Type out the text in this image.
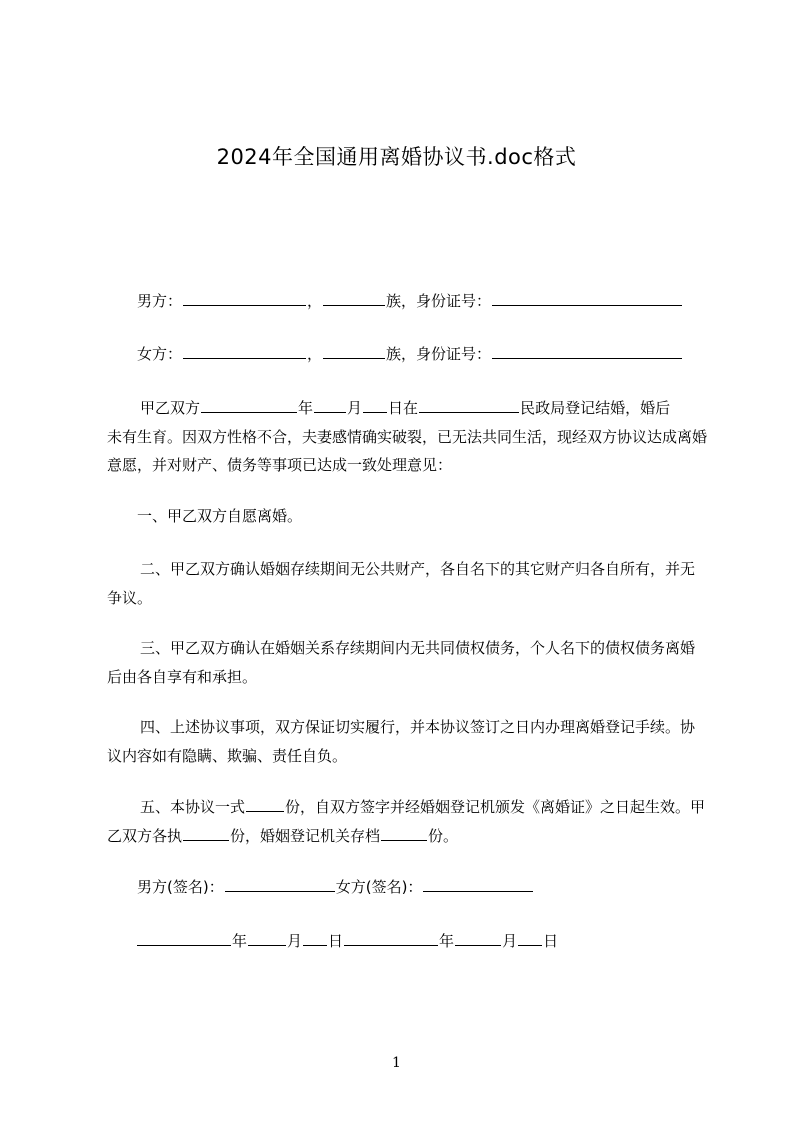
2024年全国通用离婚协议书.doc格式
男方：	，	族，身份证号：
女方：	，	族，身份证号：
甲乙双方	年 月 日在	民政局登记结婚，婚后
未有生育。因双方性格不合，夫妻感情确实破裂，已无法共同生活，现经双方协议达成离婚意愿，并对财产、债务等事项已达成一致处理意见：
一、甲乙双方自愿离婚。
二、甲乙双方确认婚姻存续期间无公共财产，各自名下的其它财产归各自所有，并无争议。
三、甲乙双方确认在婚姻关系存续期间内无共同债权债务，个人名下的债权债务离婚后由各自享有和承担。
四、上述协议事项，双方保证切实履行，并本协议签订之日内办理离婚登记手续。协议内容如有隐瞒、欺骗、责任自负。
五、本协议一式	份，自双方签字并经婚姻登记机颁发《离婚证》之日起生效。甲乙双方各执	份，婚姻登记机关存档	份。
男方(签名)：	女方(签名)：
年	月 日	年	月 日
1
